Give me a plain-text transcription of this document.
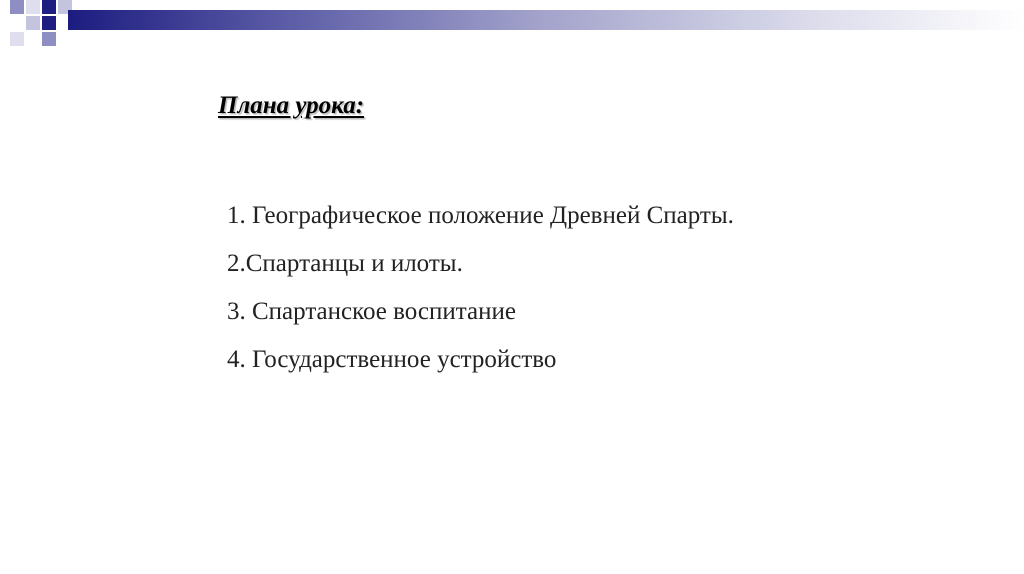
Плана урока:
1. Географическое положение Древней Спарты.
2.Спартанцы и илоты.
3. Спартанское воспитание
4. Государственное устройство
